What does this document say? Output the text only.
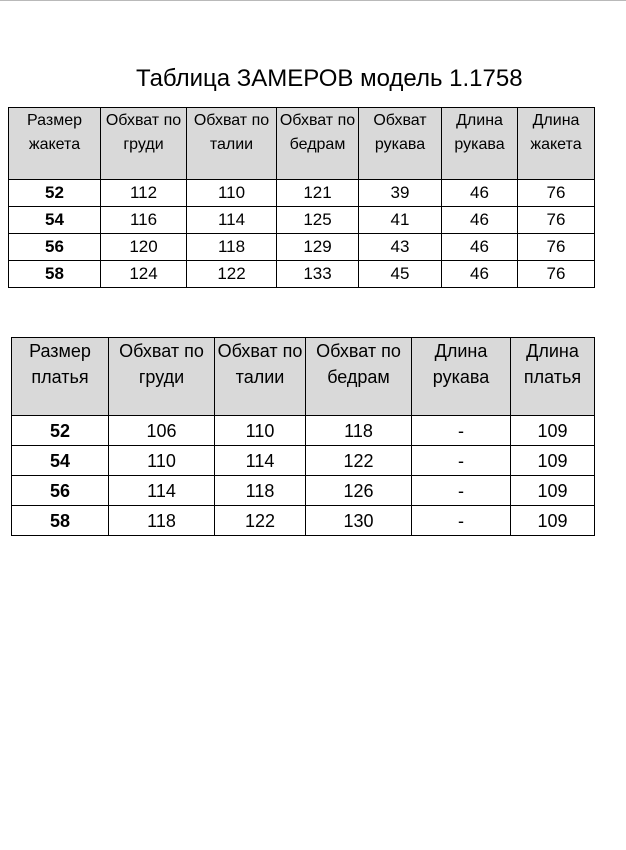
Таблица ЗАМЕРОВ модель 1.1758
Размер жакета	Обхват по груди	Обхват по талии	Обхват по бедрам	Обхват рукава	Длина рукава	Длина жакета
52	112	110	121	39	46	76
54	116	114	125	41	46	76
56	120	118	129	43	46	76
58	124	122	133	45	46	76
Размер платья	Обхват по груди	Обхват по талии	Обхват по бедрам	Длина рукава	Длина платья
52	106	110	118	-	109
54	110	114	122	-	109
56	114	118	126	-	109
58	118	122	130	-	109
